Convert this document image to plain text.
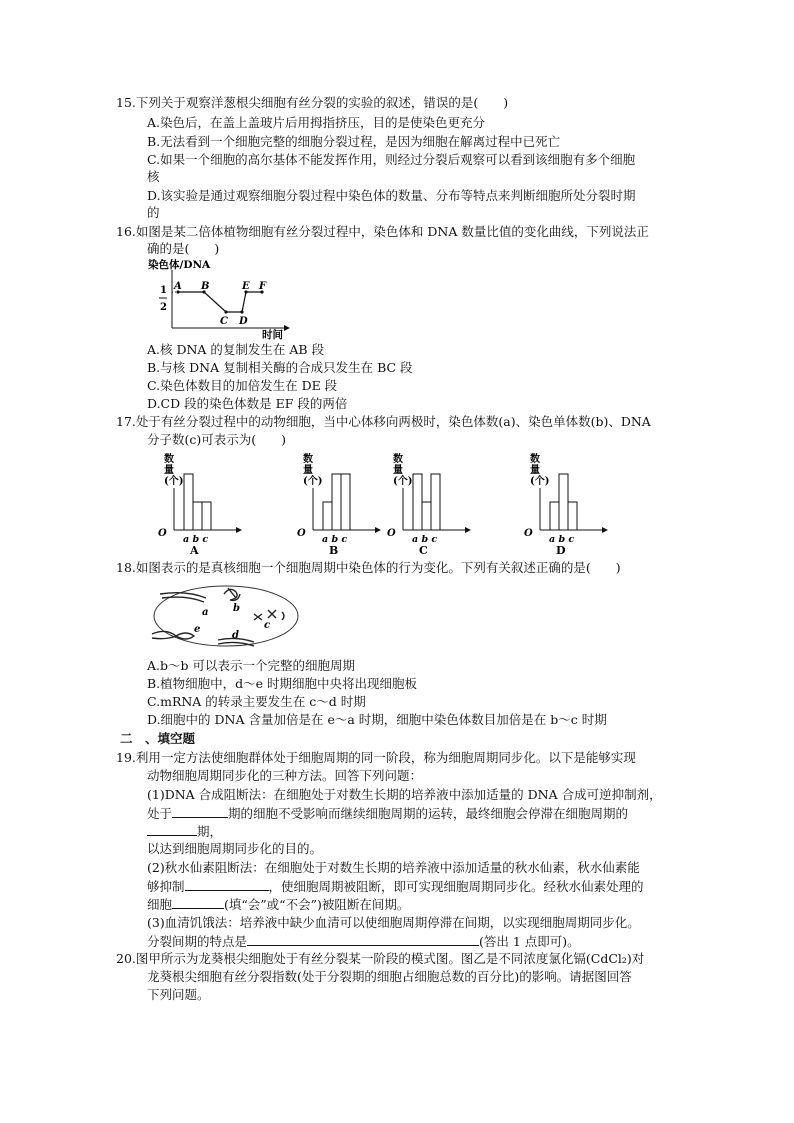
15.下列关于观察洋葱根尖细胞有丝分裂的实验的叙述，错误的是(　　)
A.染色后，在盖上盖玻片后用拇指挤压，目的是使染色更充分
B.无法看到一个细胞完整的细胞分裂过程，是因为细胞在解离过程中已死亡
C.如果一个细胞的高尔基体不能发挥作用，则经过分裂后观察可以看到该细胞有多个细胞
核
D.该实验是通过观察细胞分裂过程中染色体的数量、分布等特点来判断细胞所处分裂时期
的
16.如图是某二倍体植物细胞有丝分裂过程中，染色体和 DNA 数量比值的变化曲线，下列说法正
确的是(　　)
染色体/DNA
1
2
时间
A B
C D
E F
A.核 DNA 的复制发生在 AB 段
B.与核 DNA 复制相关酶的合成只发生在 BC 段
C.染色体数目的加倍发生在 DE 段
D.CD 段的染色体数是 EF 段的两倍
17.处于有丝分裂过程中的动物细胞，当中心体移向两极时，染色体数(a)、染色单体数(b)、DNA
分子数(c)可表示为(　　)
数
量
(个)
O
a b c
A
数
量
(个)
O
a b c
B
数
量
(个)
O
a b c
C
数
量
(个)
O
a b c
D
18.如图表示的是真核细胞一个细胞周期中染色体的行为变化。下列有关叙述正确的是(　　)
a b
c
d
e
A.b～b 可以表示一个完整的细胞周期
B.植物细胞中，d～e 时期细胞中央将出现细胞板
C.mRNA 的转录主要发生在 c～d 时期
D.细胞中的 DNA 含量加倍是在 e～a 时期，细胞中染色体数目加倍是在 b～c 时期
二　、填空题
19.利用一定方法使细胞群体处于细胞周期的同一阶段，称为细胞周期同步化。以下是能够实现
动物细胞周期同步化的三种方法。回答下列问题：
(1)DNA 合成阻断法：在细胞处于对数生长期的培养液中添加适量的 DNA 合成可逆抑制剂，
处于	期的细胞不受影响而继续细胞周期的运转，最终细胞会停滞在细胞周期的
期，
以达到细胞周期同步化的目的。
(2)秋水仙素阻断法：在细胞处于对数生长期的培养液中添加适量的秋水仙素，秋水仙素能
够抑制	，使细胞周期被阻断，即可实现细胞周期同步化。经秋水仙素处理的
细胞	(填“会”或“不会”)被阻断在间期。
(3)血清饥饿法：培养液中缺少血清可以使细胞周期停滞在间期，以实现细胞周期同步化。
分裂间期的特点是	(答出 1 点即可)。
20.图甲所示为龙葵根尖细胞处于有丝分裂某一阶段的模式图。图乙是不同浓度氯化镉(CdCl₂)对
龙葵根尖细胞有丝分裂指数(处于分裂期的细胞占细胞总数的百分比)的影响。请据图回答
下列问题。
